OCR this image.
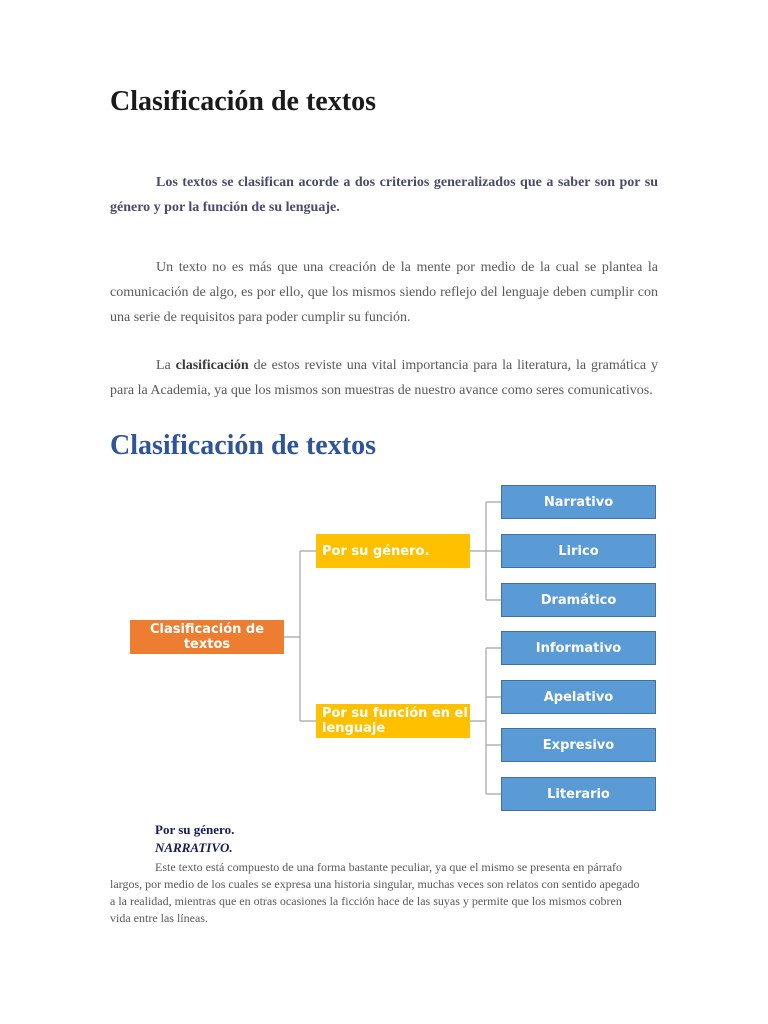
Clasificación de textos

Los textos se clasifican acorde a dos criterios generalizados que a saber son por su género y por la función de su lenguaje.

Un texto no es más que una creación de la mente por medio de la cual se plantea la comunicación de algo, es por ello, que los mismos siendo reflejo del lenguaje deben cumplir con una serie de requisitos para poder cumplir su función.

La clasificación de estos reviste una vital importancia para la literatura, la gramática y para la Academia, ya que los mismos son muestras de nuestro avance como seres comunicativos.

Clasificación de textos
Clasificación de textos
Por su género.
Por su función en el lenguaje
Narrativo
Lirico
Dramático
Informativo
Apelativo
Expresivo
Literario

Por su género.

NARRATIVO.

Este texto está compuesto de una forma bastante peculiar, ya que el mismo se presenta en párrafo largos, por medio de los cuales se expresa una historia singular, muchas veces son relatos con sentido apegado a la realidad, mientras que en otras ocasiones la ficción hace de las suyas y permite que los mismos cobren vida entre las líneas.
